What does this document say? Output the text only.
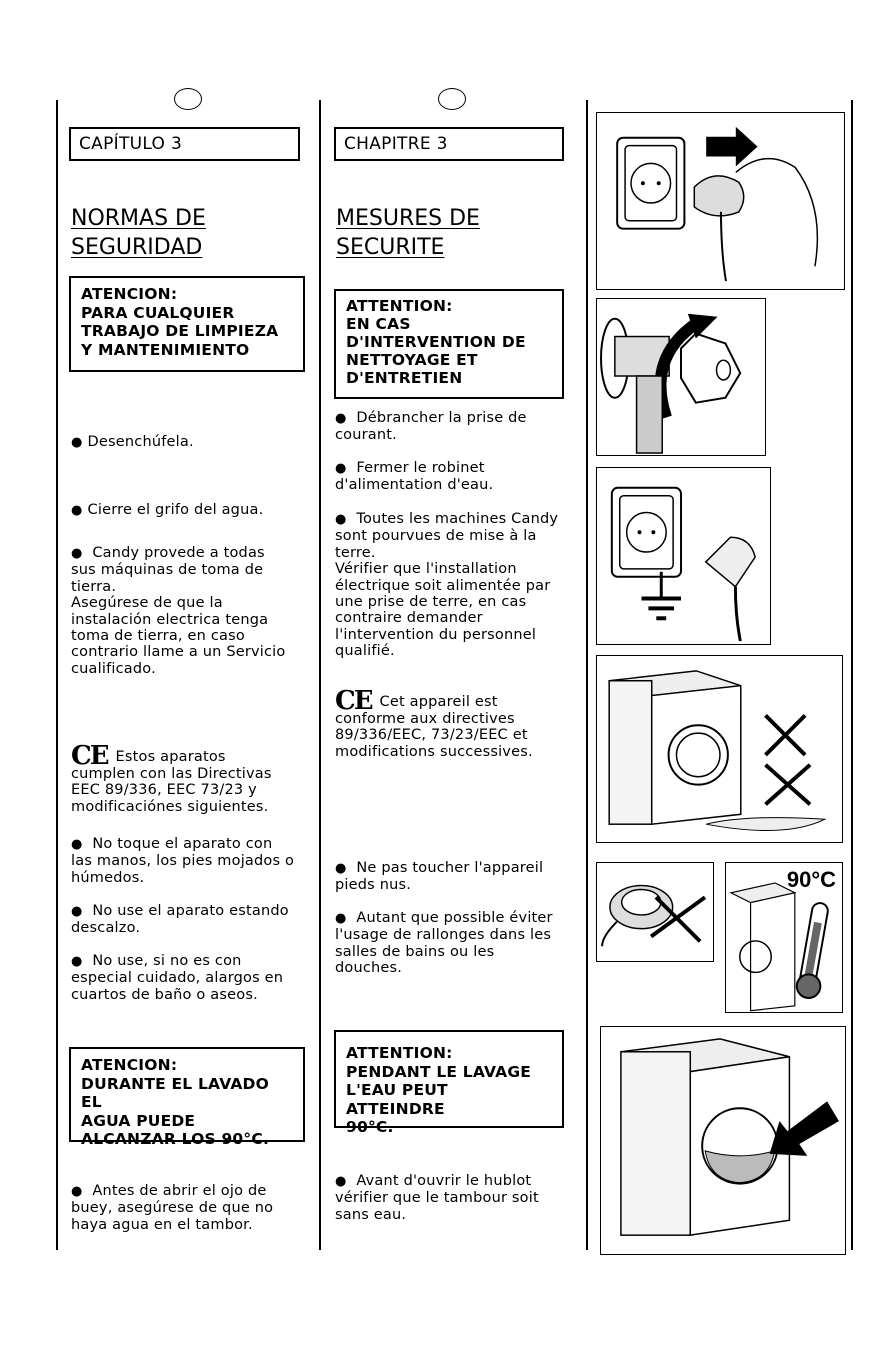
CAPÍTULO 3
NORMAS DE
SEGURIDAD
ATENCION:
PARA CUALQUIER
TRABAJO DE LIMPIEZA
Y MANTENIMIENTO
● Desenchúfela.
● Cierre el grifo del agua.
● Candy provede a todas
sus máquinas de toma de
tierra.
Asegúrese de que la
instalación electrica tenga
toma de tierra, en caso
contrario llame a un Servicio
cualificado.

CE Estos aparatos
cumplen con las Directivas
EEC 89/336, EEC 73/23 y
modificaciónes siguientes.

● No toque el aparato con
las manos, los pies mojados o
húmedos.
● No use el aparato estando
descalzo.
● No use, si no es con
especial cuidado, alargos en
cuartos de baño o aseos.
ATENCION:
DURANTE EL LAVADO EL
AGUA PUEDE
ALCANZAR LOS 90°C.
● Antes de abrir el ojo de
buey, asegúrese de que no
haya agua en el tambor.
CHAPITRE 3
MESURES DE
SECURITE
ATTENTION:
EN CAS
D'INTERVENTION DE
NETTOYAGE ET
D'ENTRETIEN
● Débrancher la prise de
courant.
● Fermer le robinet
d'alimentation d'eau.
● Toutes les machines Candy
sont pourvues de mise à la
terre.
Vérifier que l'installation
électrique soit alimentée par
une prise de terre, en cas
contraire demander
l'intervention du personnel
qualifié.

CE Cet appareil est
conforme aux directives
89/336/EEC, 73/23/EEC et
modifications successives.

● Ne pas toucher l'appareil
pieds nus.
● Autant que possible éviter
l'usage de rallonges dans les
salles de bains ou les
douches.
ATTENTION:
PENDANT LE LAVAGE
L'EAU PEUT ATTEINDRE
90°C.
● Avant d'ouvrir le hublot
vérifier que le tambour soit
sans eau.
90°C
